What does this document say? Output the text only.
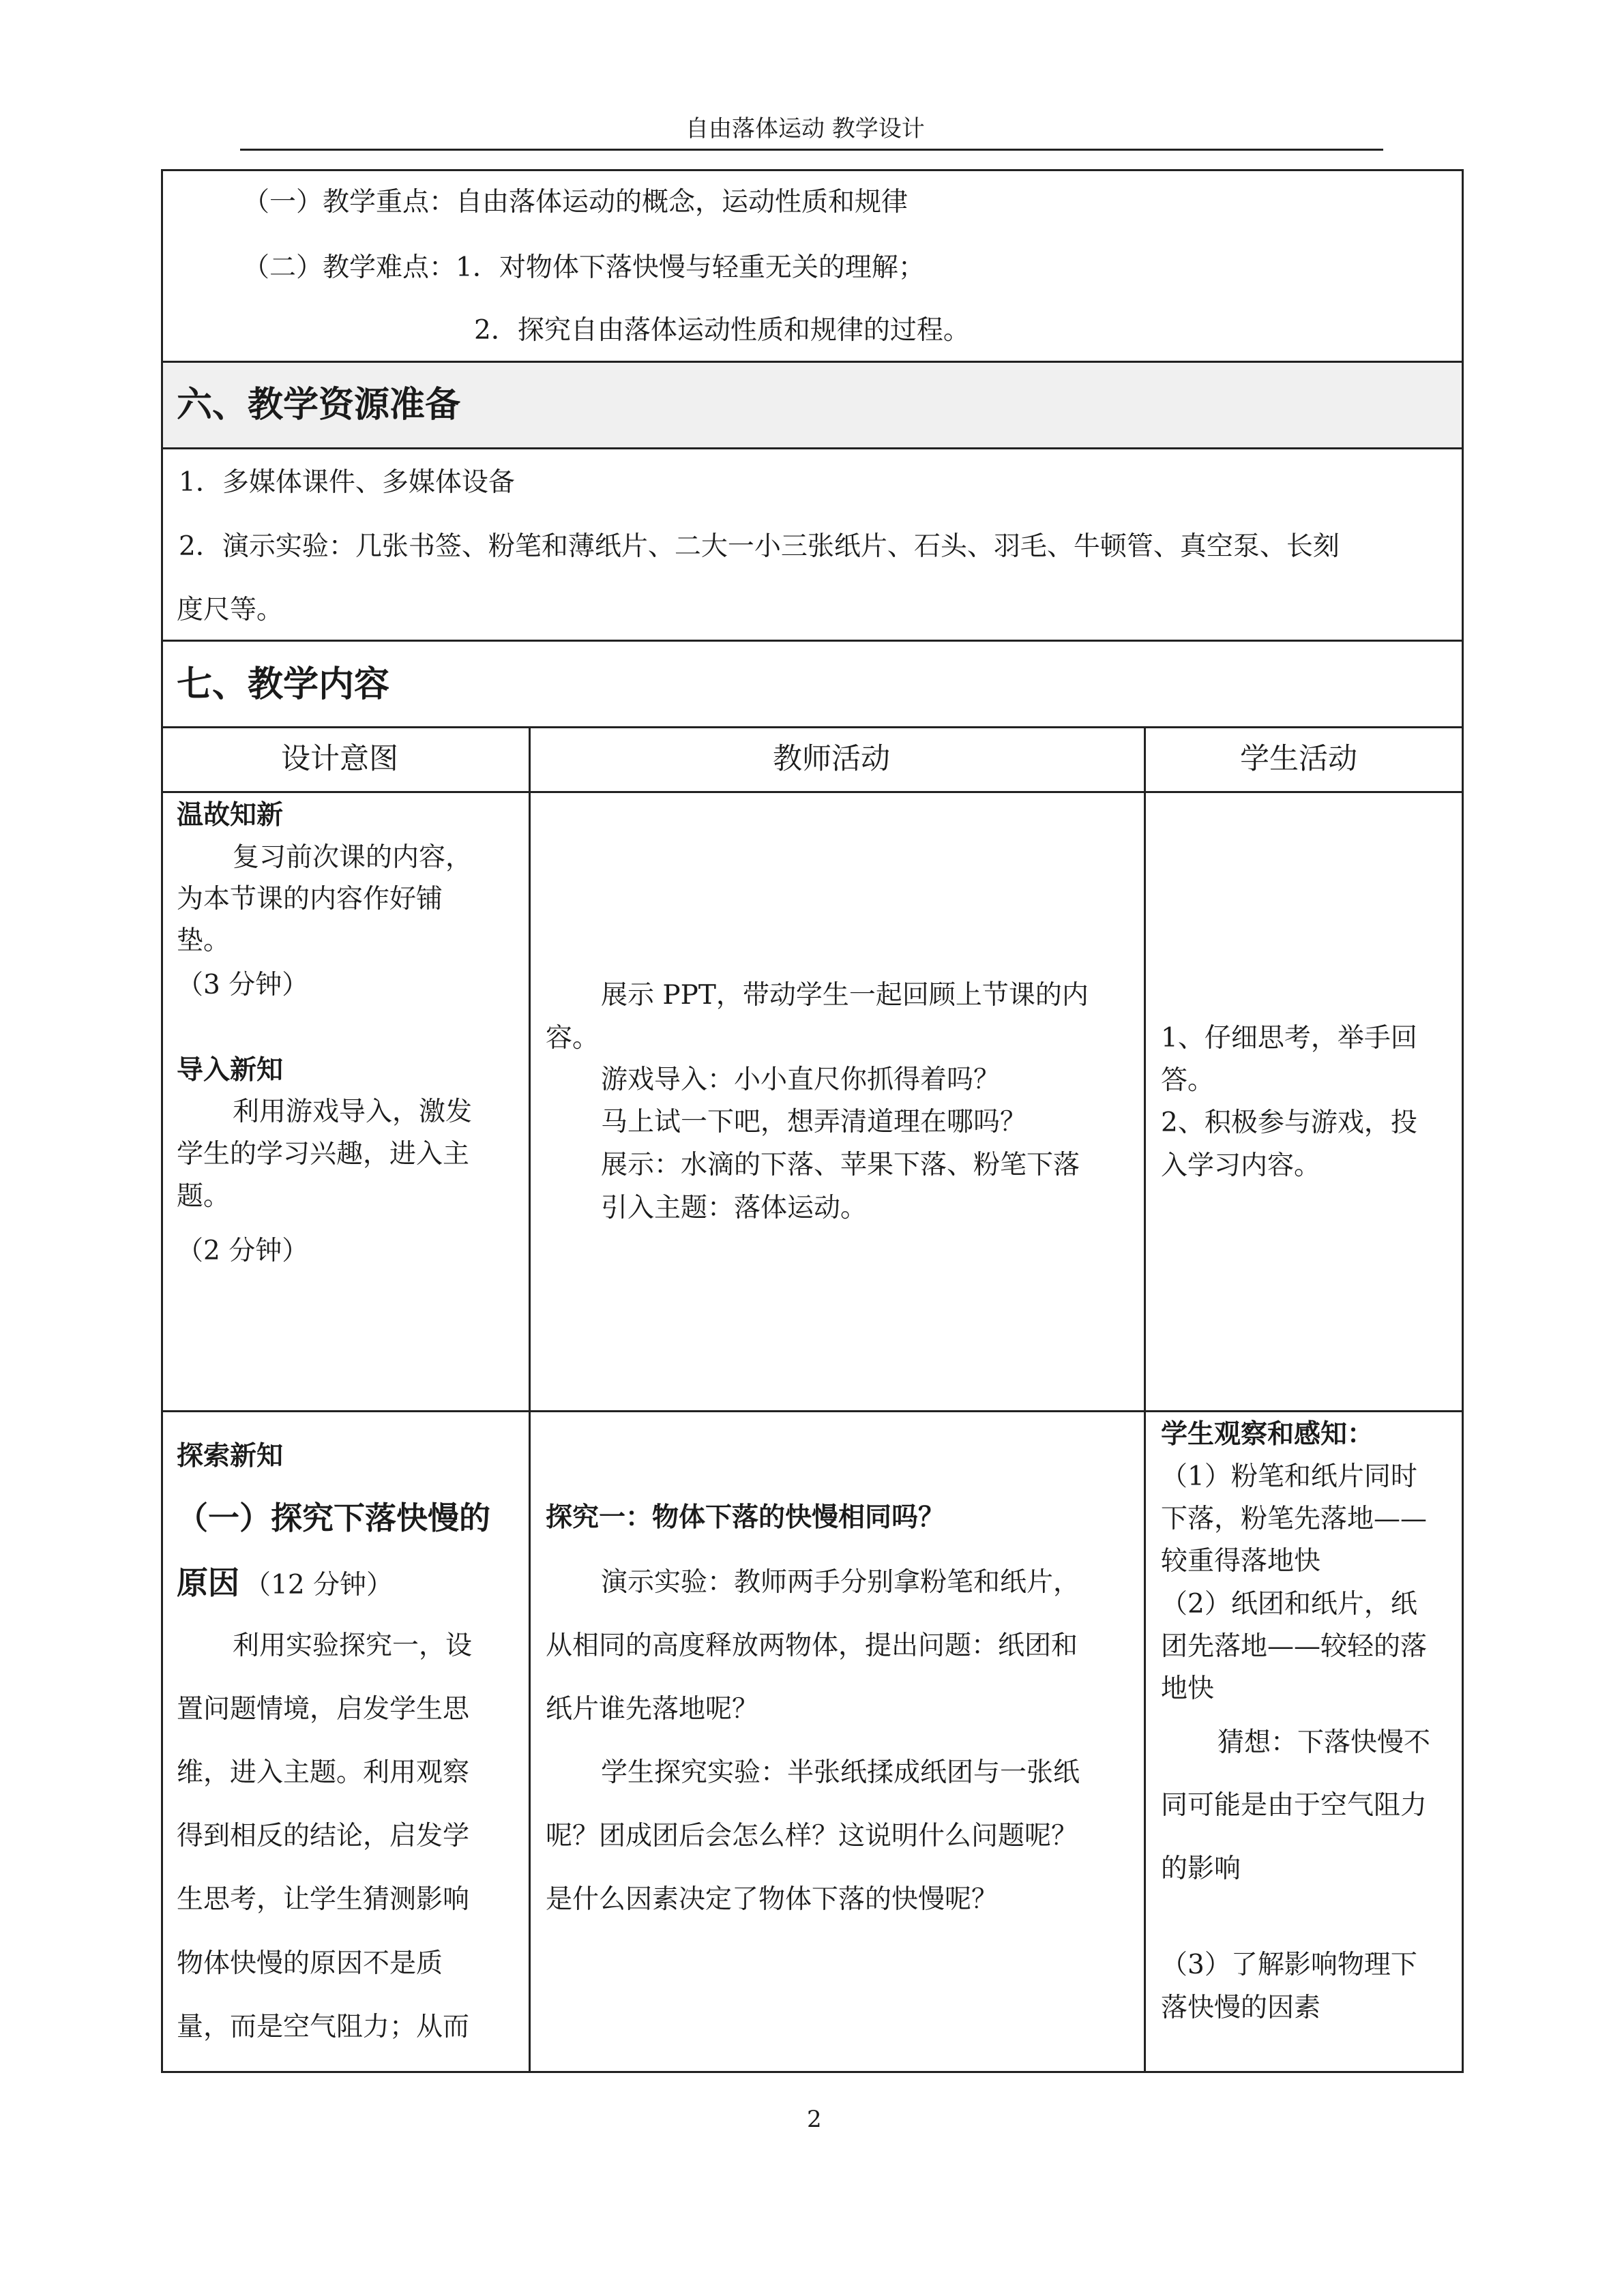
自由落体运动 教学设计
（一）教学重点：自由落体运动的概念，运动性质和规律
（二）教学难点：1．对物体下落快慢与轻重无关的理解；
2．探究自由落体运动性质和规律的过程。
六、教学资源准备
1．多媒体课件、多媒体设备
2．演示实验：几张书签、粉笔和薄纸片、二大一小三张纸片、石头、羽毛、牛顿管、真空泵、长刻
度尺等。
七、教学内容
设计意图	教师活动	学生活动
温故知新
复习前次课的内容，
为本节课的内容作好铺
垫。
（3 分钟）
导入新知
利用游戏导入，激发
学生的学习兴趣，进入主
题。
（2 分钟）
展示 PPT，带动学生一起回顾上节课的内
容。
游戏导入：小小直尺你抓得着吗？
马上试一下吧，想弄清道理在哪吗？
展示：水滴的下落、苹果下落、粉笔下落
引入主题：落体运动。
1、仔细思考，举手回
答。
2、积极参与游戏，投
入学习内容。
探索新知
（一）探究下落快慢的
原因 （12 分钟）
利用实验探究一，设
置问题情境，启发学生思
维，进入主题。利用观察
得到相反的结论，启发学
生思考，让学生猜测影响
物体快慢的原因不是质
量，而是空气阻力；从而
探究一：物体下落的快慢相同吗？
演示实验：教师两手分别拿粉笔和纸片，
从相同的高度释放两物体，提出问题：纸团和
纸片谁先落地呢？
学生探究实验：半张纸揉成纸团与一张纸
呢？团成团后会怎么样？这说明什么问题呢？
是什么因素决定了物体下落的快慢呢？
学生观察和感知：
（1）粉笔和纸片同时
下落，粉笔先落地——
较重得落地快
（2）纸团和纸片，纸
团先落地——较轻的落
地快
猜想：下落快慢不
同可能是由于空气阻力
的影响
（3）了解影响物理下
落快慢的因素
2
